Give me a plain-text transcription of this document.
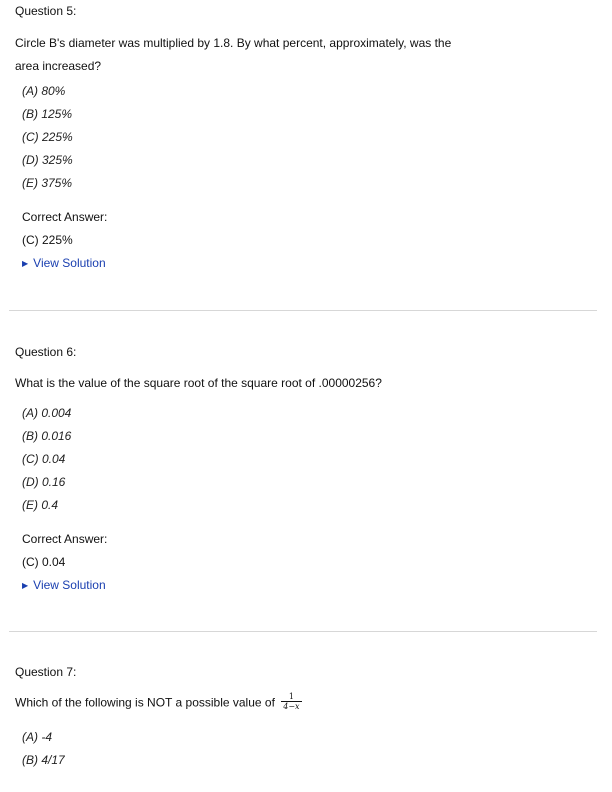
Question 5:

Circle B's diameter was multiplied by 1.8. By what percent, approximately, was the

area increased?

(A) 80%
(B) 125%
(C) 225%
(D) 325%
(E) 375%
Correct Answer:
(C) 225%
▶ View Solution
Question 6:

What is the value of the square root of the square root of .00000256?

(A) 0.004
(B) 0.016
(C) 0.04
(D) 0.16
(E) 0.4
Correct Answer:
(C) 0.04
▶ View Solution
Question 7:
Which of the following is NOT a possible value of $\frac{1}{4-x}$
(A) -4
(B) 4/17
